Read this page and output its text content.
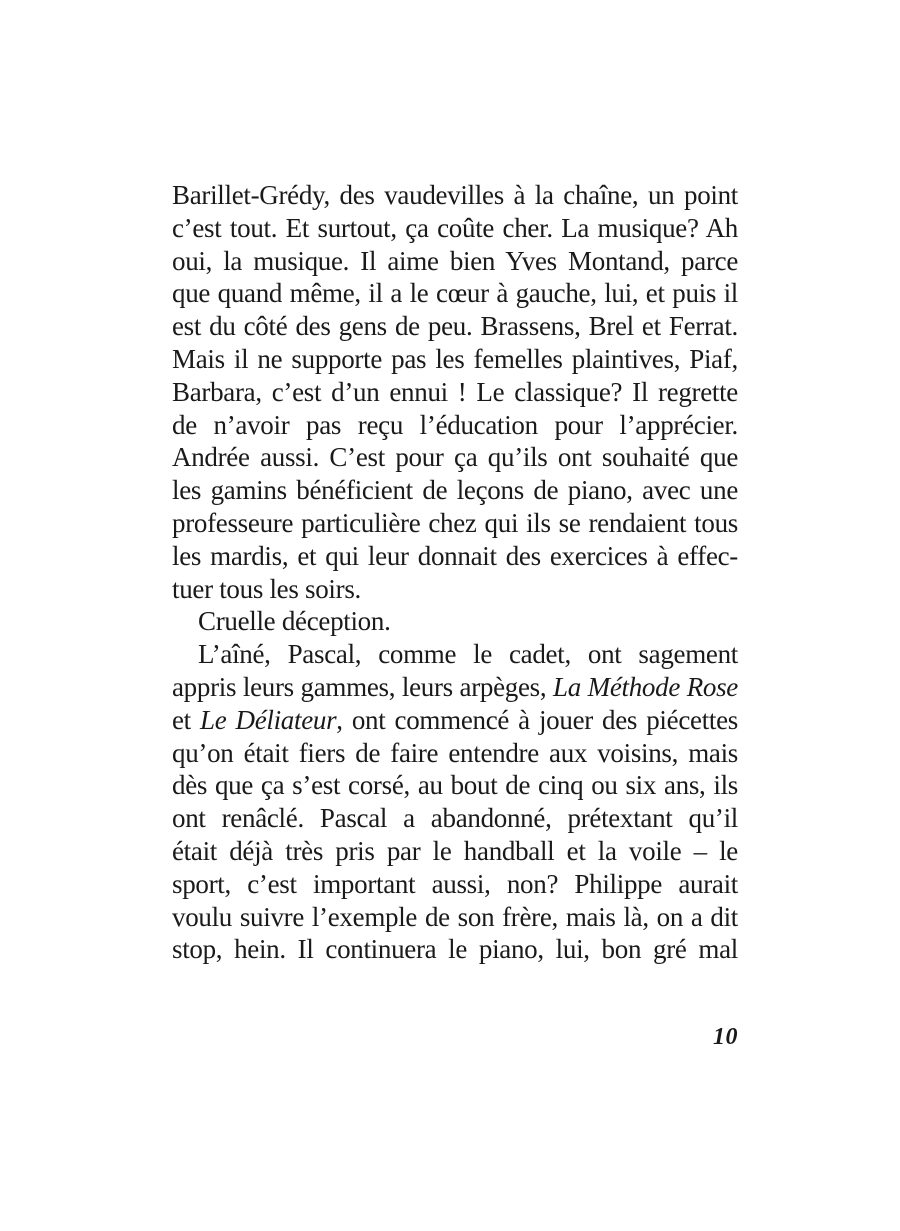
Barillet-Grédy, des vaudevilles à la chaîne, un point
c’est tout. Et surtout, ça coûte cher. La musique? Ah
oui, la musique. Il aime bien Yves Montand, parce
que quand même, il a le cœur à gauche, lui, et puis il
est du côté des gens de peu. Brassens, Brel et Ferrat.
Mais il ne supporte pas les femelles plaintives, Piaf,
Barbara, c’est d’un ennui ! Le classique? Il regrette
de n’avoir pas reçu l’éducation pour l’apprécier.
Andrée aussi. C’est pour ça qu’ils ont souhaité que
les gamins bénéficient de leçons de piano, avec une
professeure particulière chez qui ils se rendaient tous
les mardis, et qui leur donnait des exercices à effec-
tuer tous les soirs.
Cruelle déception.
L’aîné, Pascal, comme le cadet, ont sagement
appris leurs gammes, leurs arpèges, La Méthode Rose
et Le Déliateur, ont commencé à jouer des piécettes
qu’on était fiers de faire entendre aux voisins, mais
dès que ça s’est corsé, au bout de cinq ou six ans, ils
ont renâclé. Pascal a abandonné, prétextant qu’il
était déjà très pris par le handball et la voile – le
sport, c’est important aussi, non? Philippe aurait
voulu suivre l’exemple de son frère, mais là, on a dit
stop, hein. Il continuera le piano, lui, bon gré mal
10
